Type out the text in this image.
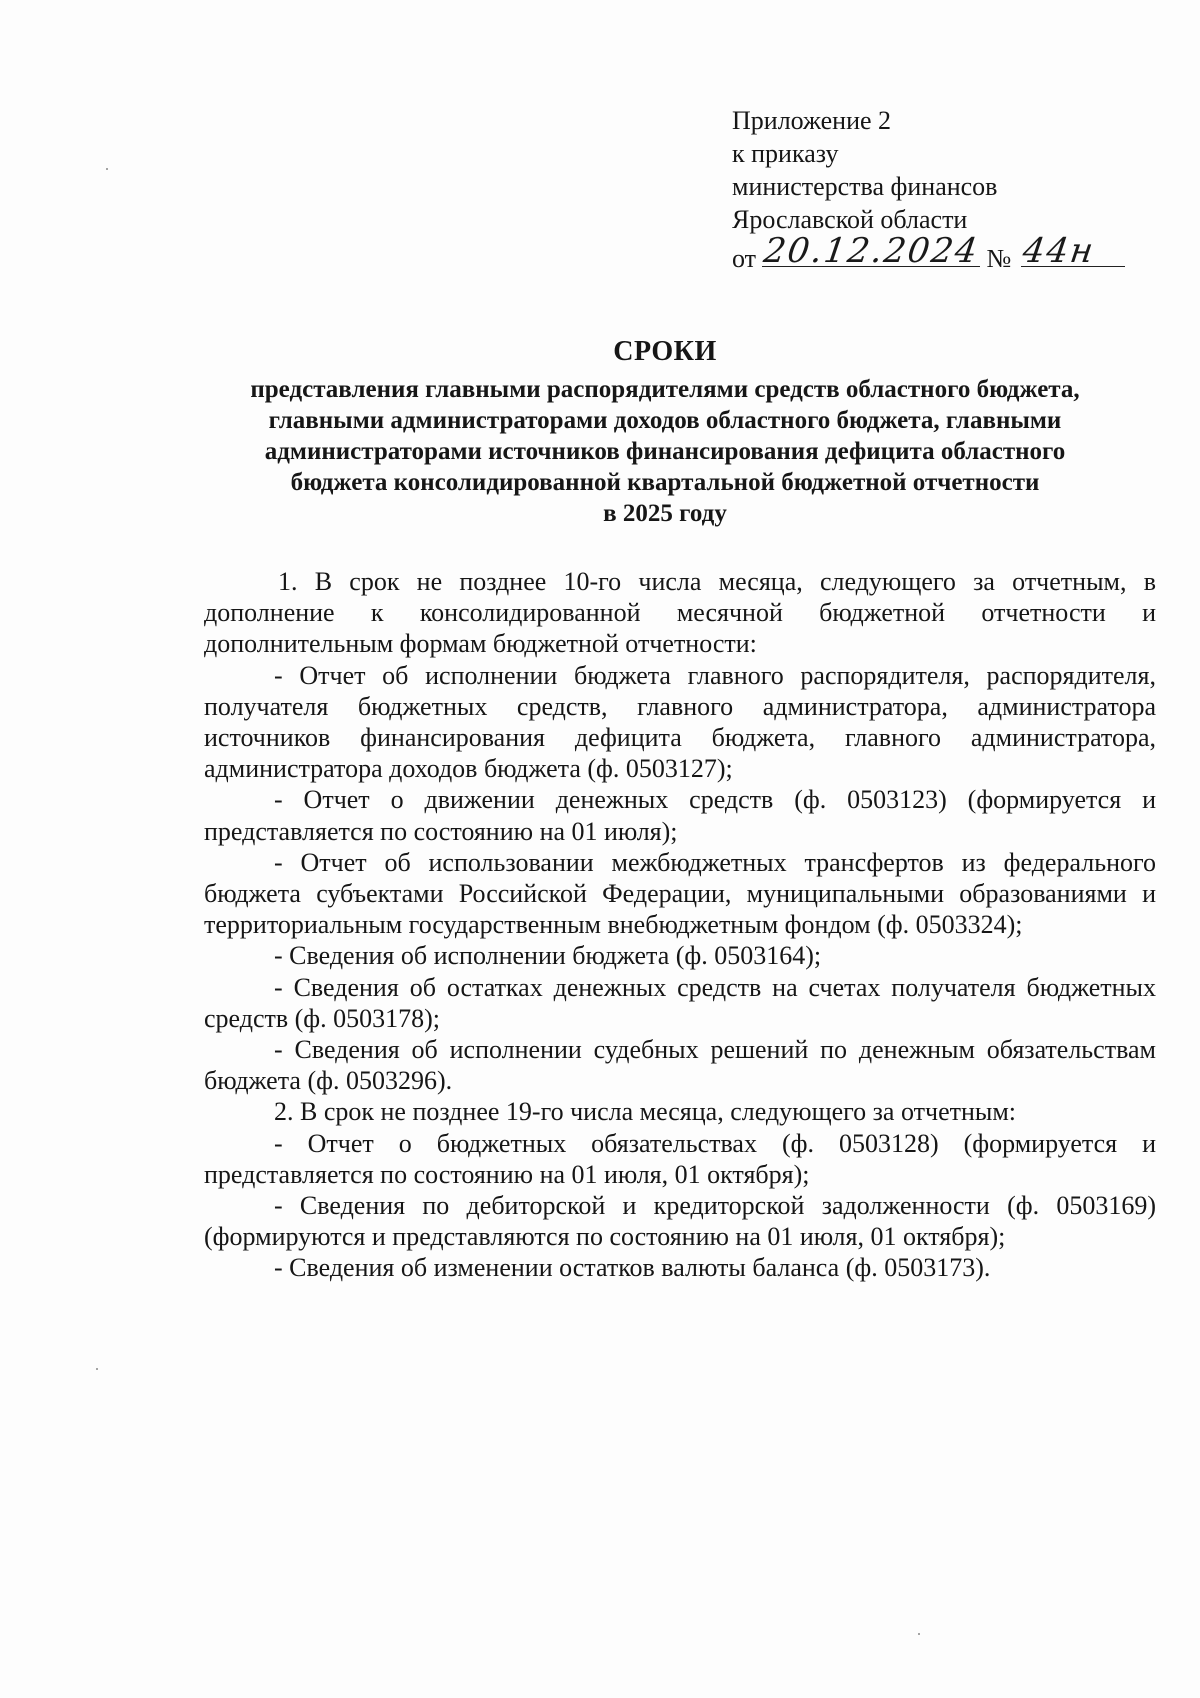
Приложение 2
к приказу
министерства финансов
Ярославской области
от 20.12.2024 № 44н
СРОКИ
представления главными распорядителями средств областного бюджета,
главными администраторами доходов областного бюджета, главными
администраторами источников финансирования дефицита областного
бюджета консолидированной квартальной бюджетной отчетности
в 2025 году

1. В срок не позднее 10-го числа месяца, следующего за отчетным, в дополнение к консолидированной месячной бюджетной отчетности и дополнительным формам бюджетной отчетности:

- Отчет об исполнении бюджета главного распорядителя, распорядителя, получателя бюджетных средств, главного администратора, администратора источников финансирования дефицита бюджета, главного администратора, администратора доходов бюджета (ф. 0503127);

- Отчет о движении денежных средств (ф. 0503123) (формируется и представляется по состоянию на 01 июля);

- Отчет об использовании межбюджетных трансфертов из федерального бюджета субъектами Российской Федерации, муниципальными образованиями и территориальным государственным внебюджетным фондом (ф. 0503324);

- Сведения об исполнении бюджета (ф. 0503164);

- Сведения об остатках денежных средств на счетах получателя бюджетных средств (ф. 0503178);

- Сведения об исполнении судебных решений по денежным обязательствам бюджета (ф. 0503296).

2. В срок не позднее 19-го числа месяца, следующего за отчетным:

- Отчет о бюджетных обязательствах (ф. 0503128) (формируется и представляется по состоянию на 01 июля, 01 октября);

- Сведения по дебиторской и кредиторской задолженности (ф. 0503169) (формируются и представляются по состоянию на 01 июля, 01 октября);

- Сведения об изменении остатков валюты баланса (ф. 0503173).
